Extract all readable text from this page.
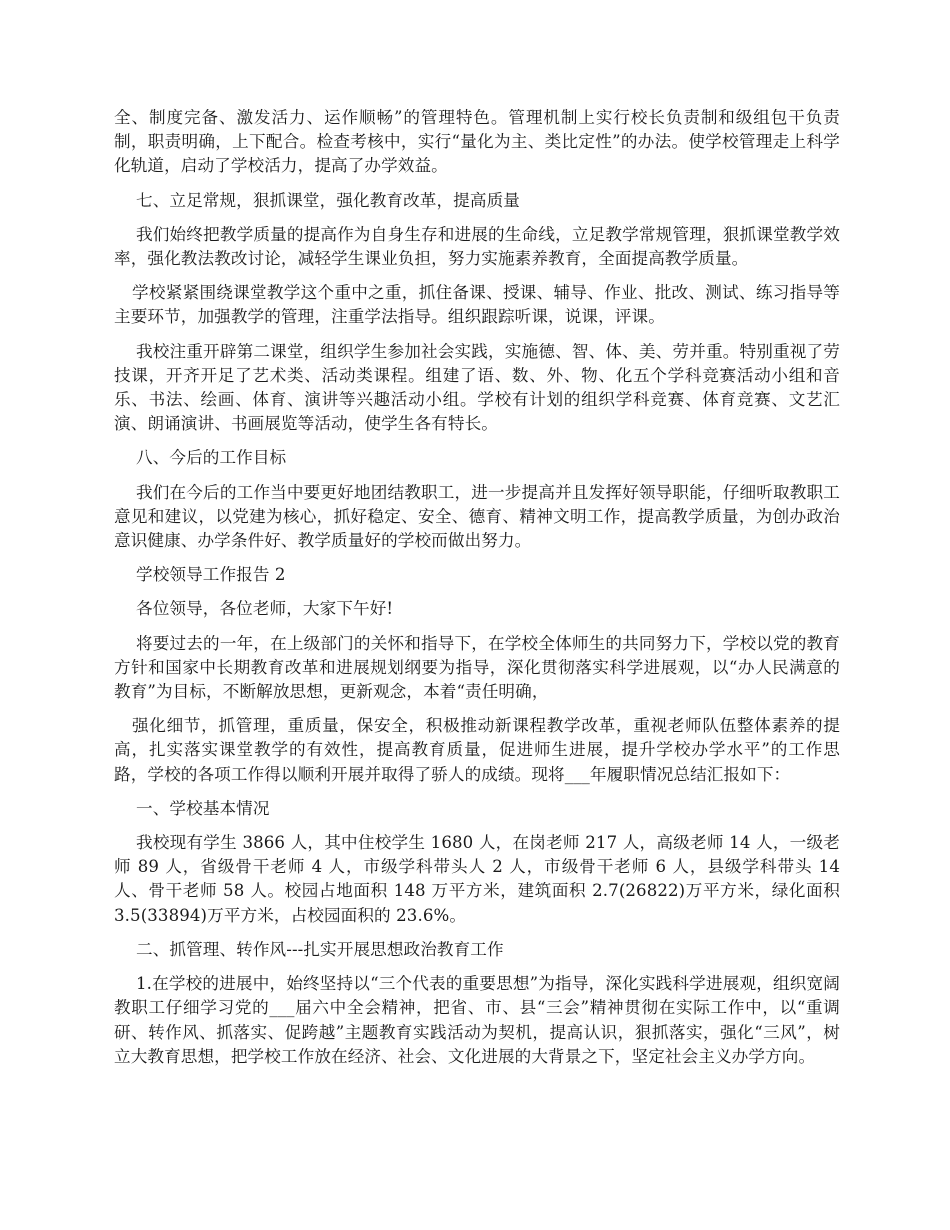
全、制度完备、激发活力、运作顺畅”的管理特色。管理机制上实行校长负责制和级组包干负责制，职责明确，上下配合。检查考核中，实行“量化为主、类比定性”的办法。使学校管理走上科学化轨道，启动了学校活力，提高了办学效益。

七、立足常规，狠抓课堂，强化教育改革，提高质量

我们始终把教学质量的提高作为自身生存和进展的生命线，立足教学常规管理，狠抓课堂教学效率，强化教法教改讨论，减轻学生课业负担，努力实施素养教育，全面提高教学质量。

学校紧紧围绕课堂教学这个重中之重，抓住备课、授课、辅导、作业、批改、测试、练习指导等主要环节，加强教学的管理，注重学法指导。组织跟踪听课，说课，评课。

我校注重开辟第二课堂，组织学生参加社会实践，实施德、智、体、美、劳并重。特别重视了劳技课，开齐开足了艺术类、活动类课程。组建了语、数、外、物、化五个学科竞赛活动小组和音乐、书法、绘画、体育、演讲等兴趣活动小组。学校有计划的组织学科竞赛、体育竞赛、文艺汇演、朗诵演讲、书画展览等活动，使学生各有特长。

八、今后的工作目标

我们在今后的工作当中要更好地团结教职工，进一步提高并且发挥好领导职能，仔细听取教职工意见和建议，以党建为核心，抓好稳定、安全、德育、精神文明工作，提高教学质量，为创办政治意识健康、办学条件好、教学质量好的学校而做出努力。

学校领导工作报告 2

各位领导，各位老师，大家下午好!

将要过去的一年，在上级部门的关怀和指导下，在学校全体师生的共同努力下，学校以党的教育方针和国家中长期教育改革和进展规划纲要为指导，深化贯彻落实科学进展观，以“办人民满意的教育”为目标，不断解放思想，更新观念，本着“责任明确，

强化细节，抓管理，重质量，保安全，积极推动新课程教学改革，重视老师队伍整体素养的提高，扎实落实课堂教学的有效性，提高教育质量，促进师生进展，提升学校办学水平”的工作思路，学校的各项工作得以顺利开展并取得了骄人的成绩。现将___年履职情况总结汇报如下：

一、学校基本情况

我校现有学生 3866 人，其中住校学生 1680 人，在岗老师 217 人，高级老师 14 人，一级老师 89 人，省级骨干老师 4 人，市级学科带头人 2 人，市级骨干老师 6 人，县级学科带头 14 人、骨干老师 58 人。校园占地面积 148 万平方米，建筑面积 2.7(26822)万平方米，绿化面积 3.5(33894)万平方米，占校园面积的 23.6%。

二、抓管理、转作风---扎实开展思想政治教育工作

1.在学校的进展中，始终坚持以“三个代表的重要思想”为指导，深化实践科学进展观，组织宽阔教职工仔细学习党的___届六中全会精神，把省、市、县“三会”精神贯彻在实际工作中，以“重调研、转作风、抓落实、促跨越”主题教育实践活动为契机，提高认识，狠抓落实，强化“三风”，树立大教育思想，把学校工作放在经济、社会、文化进展的大背景之下，坚定社会主义办学方向。
